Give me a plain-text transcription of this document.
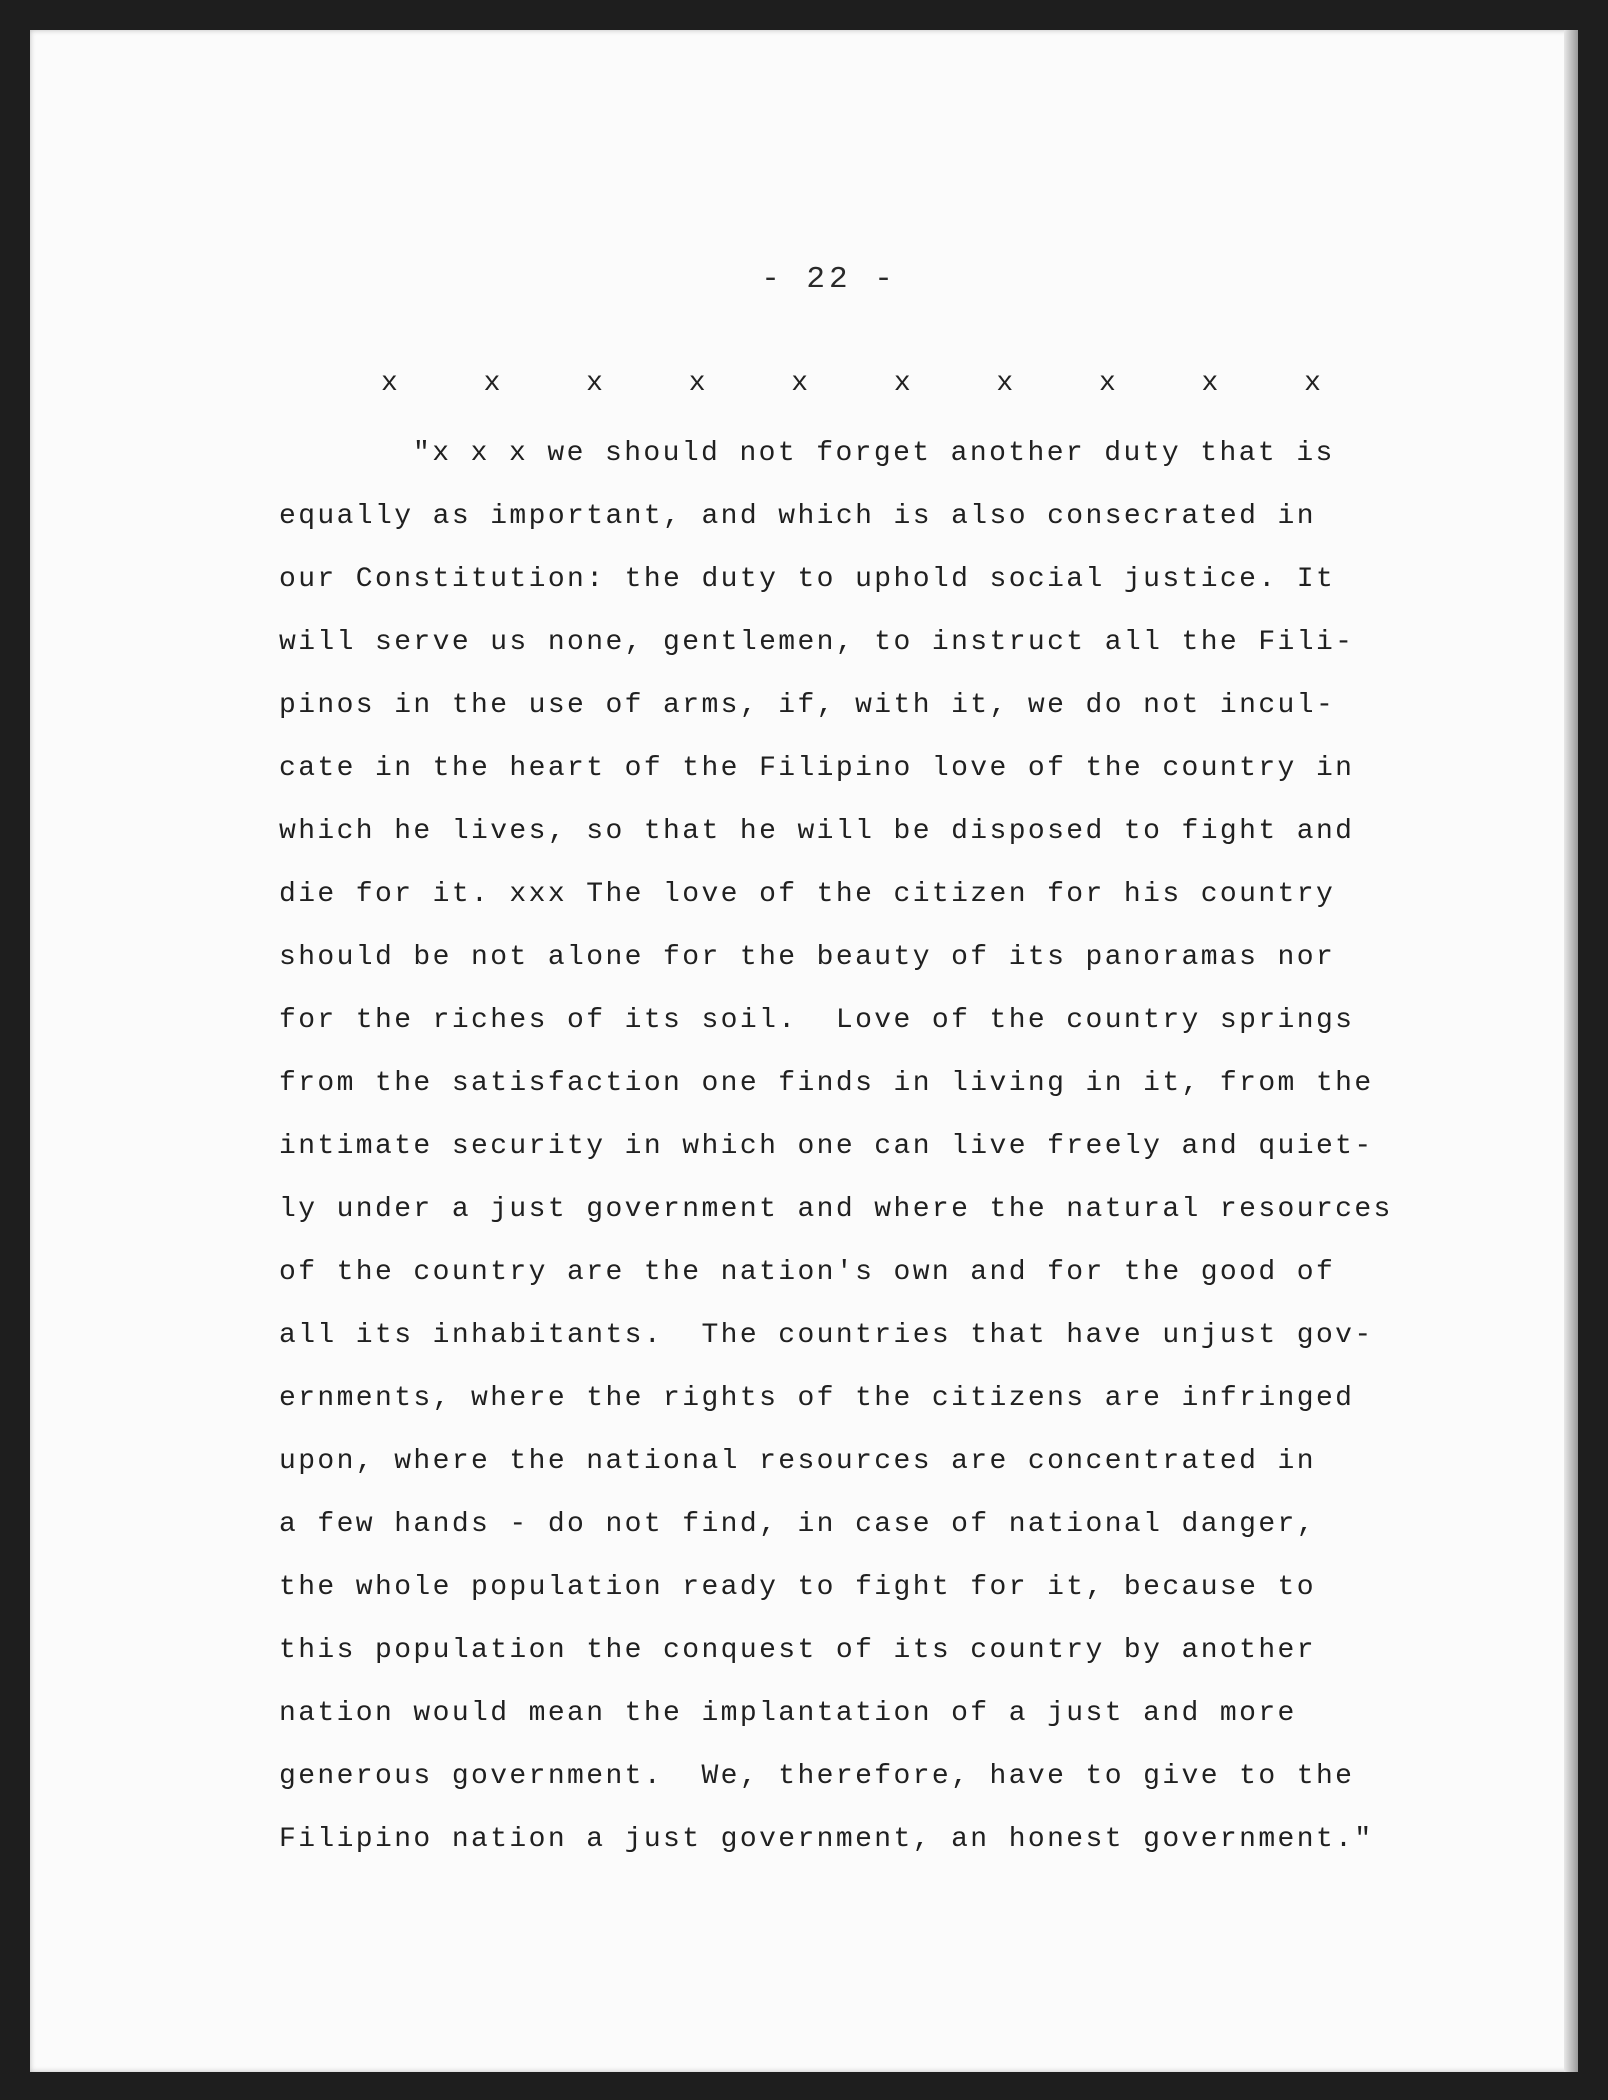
- 22 -
x	x	x	x	x	x	x	x	x	x
"x x x we should not forget another duty that is
equally as important, and which is also consecrated in
our Constitution: the duty to uphold social justice. It
will serve us none, gentlemen, to instruct all the Fili-
pinos in the use of arms, if, with it, we do not incul-
cate in the heart of the Filipino love of the country in
which he lives, so that he will be disposed to fight and
die for it. xxx The love of the citizen for his country
should be not alone for the beauty of its panoramas nor
for the riches of its soil.  Love of the country springs
from the satisfaction one finds in living in it, from the
intimate security in which one can live freely and quiet-
ly under a just government and where the natural resources
of the country are the nation's own and for the good of
all its inhabitants.  The countries that have unjust gov-
ernments, where the rights of the citizens are infringed
upon, where the national resources are concentrated in
a few hands - do not find, in case of national danger,
the whole population ready to fight for it, because to
this population the conquest of its country by another
nation would mean the implantation of a just and more
generous government.  We, therefore, have to give to the
Filipino nation a just government, an honest government."
